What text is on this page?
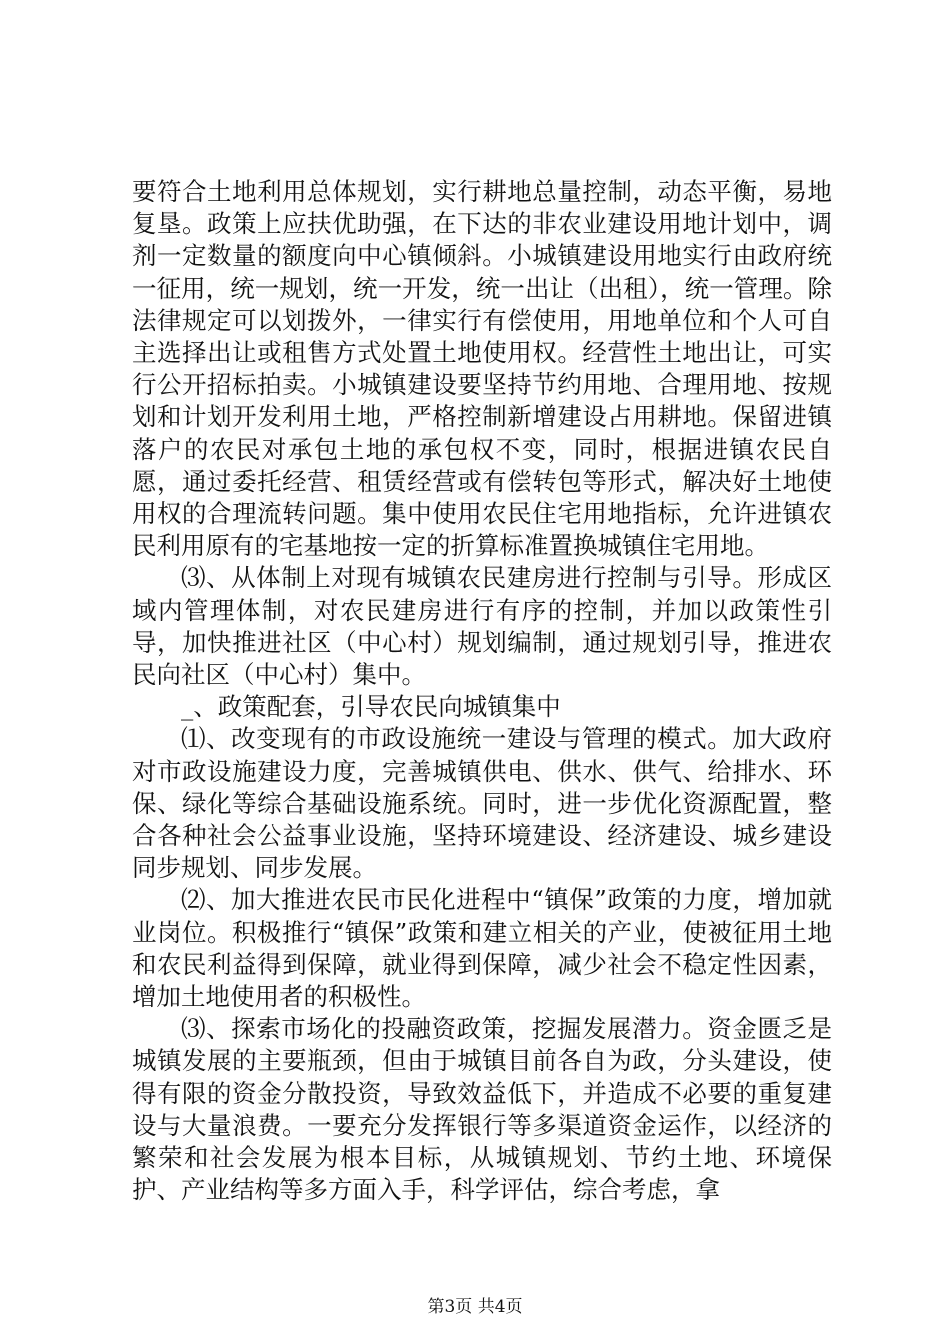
要符合土地利用总体规划，实行耕地总量控制，动态平衡，易地复垦。政策上应扶优助强，在下达的非农业建设用地计划中，调剂一定数量的额度向中心镇倾斜。小城镇建设用地实行由政府统一征用，统一规划，统一开发，统一出让（出租），统一管理。除法律规定可以划拨外，一律实行有偿使用，用地单位和个人可自主选择出让或租售方式处置土地使用权。经营性土地出让，可实行公开招标拍卖。小城镇建设要坚持节约用地、合理用地、按规划和计划开发利用土地，严格控制新增建设占用耕地。保留进镇落户的农民对承包土地的承包权不变，同时，根据进镇农民自愿，通过委托经营、租赁经营或有偿转包等形式，解决好土地使用权的合理流转问题。集中使用农民住宅用地指标，允许进镇农民利用原有的宅基地按一定的折算标准置换城镇住宅用地。

⑶、从体制上对现有城镇农民建房进行控制与引导。形成区域内管理体制，对农民建房进行有序的控制，并加以政策性引导，加快推进社区（中心村）规划编制，通过规划引导，推进农民向社区（中心村）集中。

_、政策配套，引导农民向城镇集中

⑴、改变现有的市政设施统一建设与管理的模式。加大政府对市政设施建设力度，完善城镇供电、供水、供气、给排水、环保、绿化等综合基础设施系统。同时，进一步优化资源配置，整合各种社会公益事业设施，坚持环境建设、经济建设、城乡建设同步规划、同步发展。

⑵、加大推进农民市民化进程中“镇保”政策的力度，增加就业岗位。积极推行“镇保”政策和建立相关的产业，使被征用土地和农民利益得到保障，就业得到保障，减少社会不稳定性因素，增加土地使用者的积极性。

⑶、探索市场化的投融资政策，挖掘发展潜力。资金匮乏是城镇发展的主要瓶颈，但由于城镇目前各自为政，分头建设，使得有限的资金分散投资，导致效益低下，并造成不必要的重复建设与大量浪费。一要充分发挥银行等多渠道资金运作，以经济的繁荣和社会发展为根本目标，从城镇规划、节约土地、环境保护、产业结构等多方面入手，科学评估，综合考虑，拿

第3页 共4页
